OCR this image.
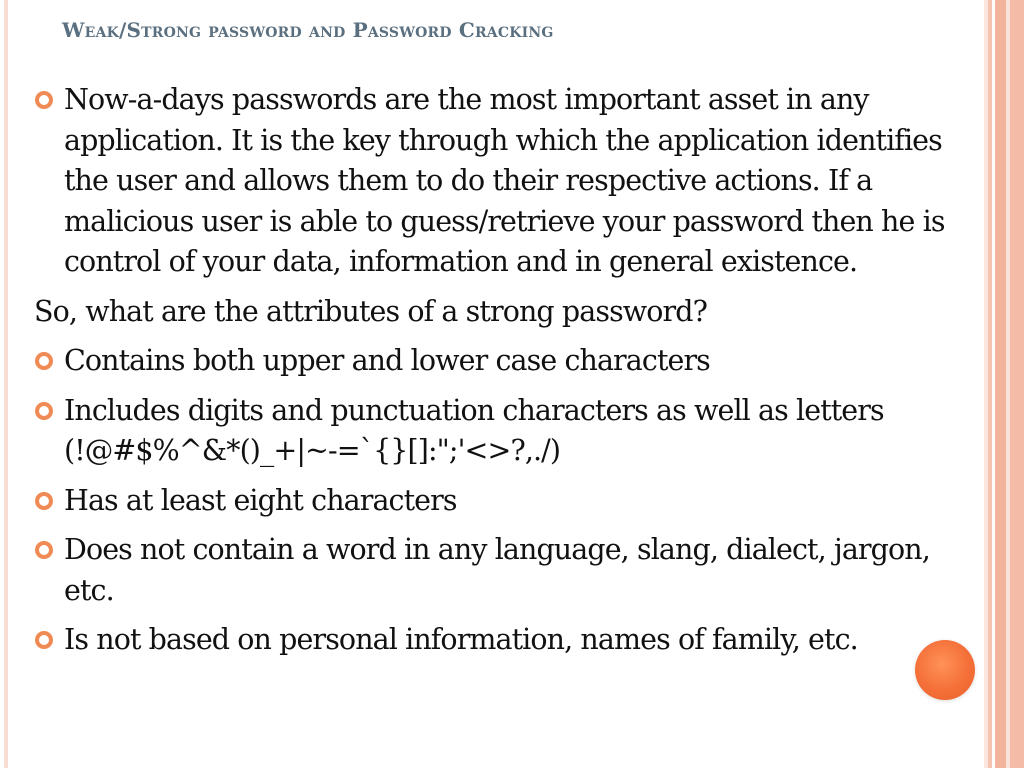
Weak/Strong password and Password Cracking
Now-a-days passwords are the most important asset in any application. It is the key through which the application identifies the user and allows them to do their respective actions. If a malicious user is able to guess/retrieve your password then he is control of your data, information and in general existence.
So, what are the attributes of a strong password?
Contains both upper and lower case characters
Includes digits and punctuation characters as well as letters (!@#$%^&*()_+|~-=`{}[]:";'<>?,./)
Has at least eight characters
Does not contain a word in any language, slang, dialect, jargon, etc.
Is not based on personal information, names of family, etc.
